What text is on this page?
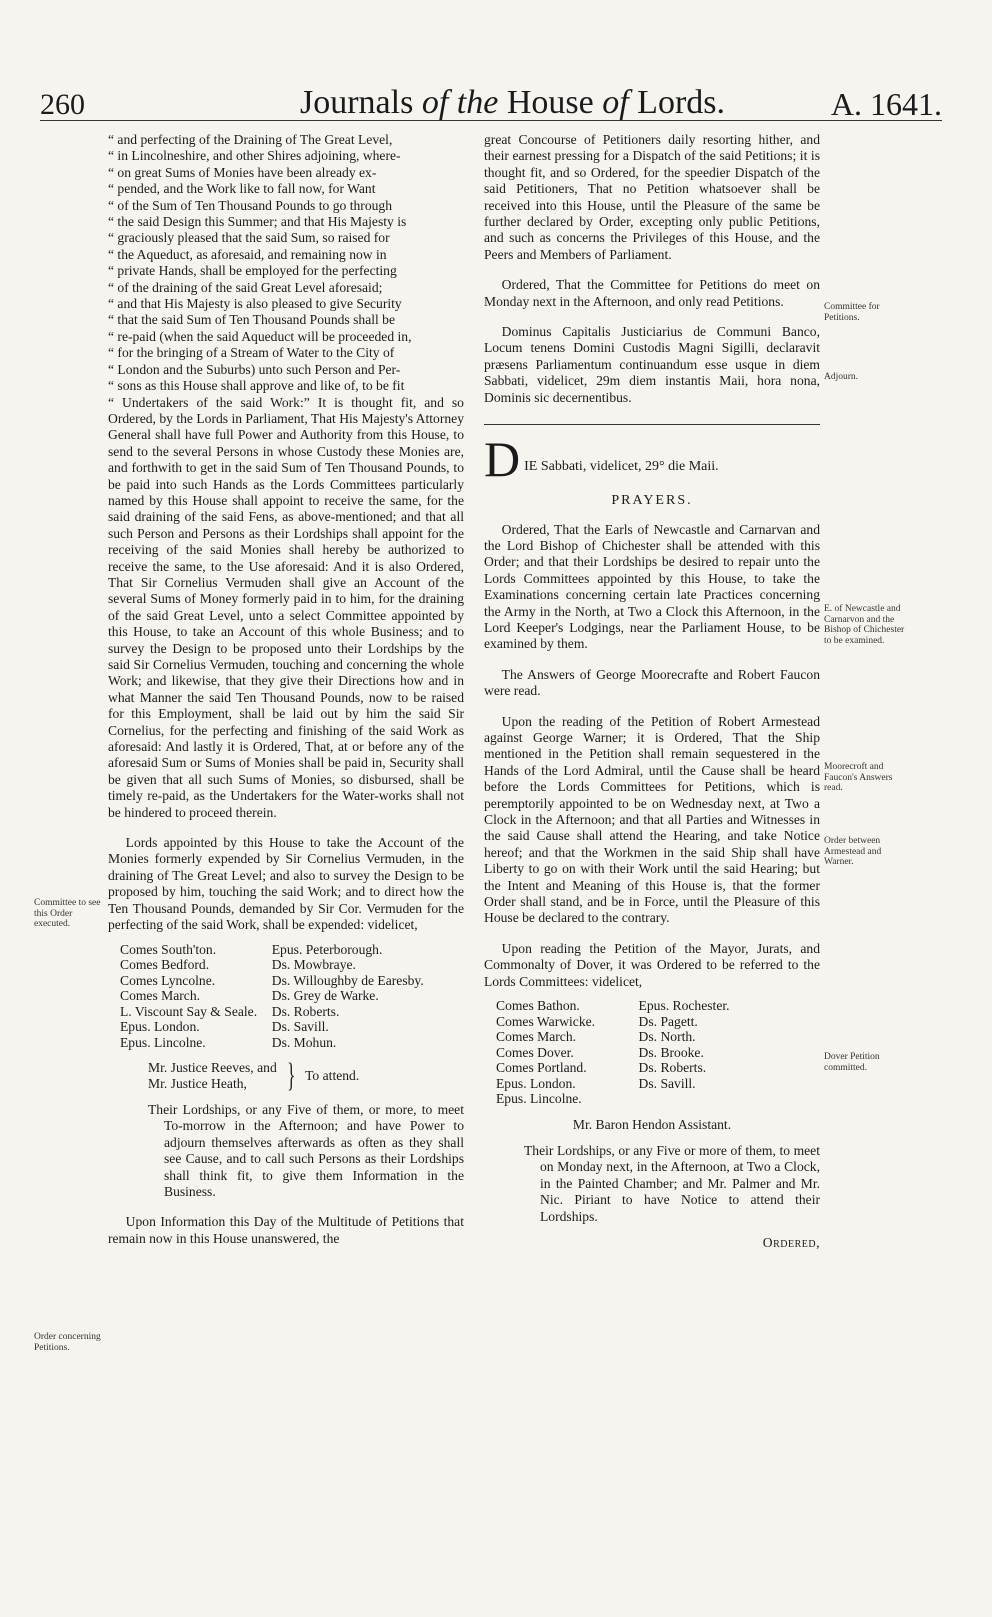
260	Journals of the House of Lords.	A. 1641.
Committee to see this Order executed.
Order concerning Petitions.
Committee for Petitions.
Adjourn.
E. of Newcastle and Carnarvon and the Bishop of Chichester to be examined.
Moorecroft and Faucon's Answers read.
Order between Armestead and Warner.
Dover Petition committed.

“ and perfecting of the Draining of The Great Level,
“ in Lincolneshire, and other Shires adjoining, where-
“ on great Sums of Monies have been already ex-
“ pended, and the Work like to fall now, for Want
“ of the Sum of Ten Thousand Pounds to go through
“ the said Design this Summer; and that His Majesty is
“ graciously pleased that the said Sum, so raised for
“ the Aqueduct, as aforesaid, and remaining now in
“ private Hands, shall be employed for the perfecting
“ of the draining of the said Great Level aforesaid;
“ and that His Majesty is also pleased to give Security
“ that the said Sum of Ten Thousand Pounds shall be
“ re-paid (when the said Aqueduct will be proceeded in,
“ for the bringing of a Stream of Water to the City of
“ London and the Suburbs) unto such Person and Per-
“ sons as this House shall approve and like of, to be fit
“ Undertakers of the said Work:” It is thought fit, and so Ordered, by the Lords in Parliament, That His Majesty's Attorney General shall have full Power and Authority from this House, to send to the several Persons in whose Custody these Monies are, and forthwith to get in the said Sum of Ten Thousand Pounds, to be paid into such Hands as the Lords Committees particularly named by this House shall appoint to receive the same, for the said draining of the said Fens, as above-mentioned; and that all such Person and Persons as their Lordships shall appoint for the receiving of the said Monies shall hereby be authorized to receive the same, to the Use aforesaid: And it is also Ordered, That Sir Cornelius Vermuden shall give an Account of the several Sums of Money formerly paid in to him, for the draining of the said Great Level, unto a select Committee appointed by this House, to take an Account of this whole Business; and to survey the Design to be proposed unto their Lordships by the said Sir Cornelius Vermuden, touching and concerning the whole Work; and likewise, that they give their Directions how and in what Manner the said Ten Thousand Pounds, now to be raised for this Employment, shall be laid out by him the said Sir Cornelius, for the perfecting and finishing of the said Work as aforesaid: And lastly it is Ordered, That, at or before any of the aforesaid Sum or Sums of Monies shall be paid in, Security shall be given that all such Sums of Monies, so disbursed, shall be timely re-paid, as the Undertakers for the Water-works shall not be hindered to proceed therein.

Lords appointed by this House to take the Account of the Monies formerly expended by Sir Cornelius Vermuden, in the draining of The Great Level; and also to survey the Design to be proposed by him, touching the said Work; and to direct how the Ten Thousand Pounds, demanded by Sir Cor. Vermuden for the perfecting of the said Work, shall be expended: videlicet,

Comes South'ton.	Epus. Peterborough.
Comes Bedford.	Ds. Mowbraye.
Comes Lyncolne.	Ds. Willoughby de Earesby.
Comes March.	Ds. Grey de Warke.
L. Viscount Say & Seale.	Ds. Roberts.
Epus. London.	Ds. Savill.
Epus. Lincolne.	Ds. Mohun.
Mr. Justice Reeves, and
Mr. Justice Heath,	} To attend.

Their Lordships, or any Five of them, or more, to meet To-morrow in the Afternoon; and have Power to adjourn themselves afterwards as often as they shall see Cause, and to call such Persons as their Lordships shall think fit, to give them Information in the Business.

Upon Information this Day of the Multitude of Petitions that remain now in this House unanswered, the

great Concourse of Petitioners daily resorting hither, and their earnest pressing for a Dispatch of the said Petitions; it is thought fit, and so Ordered, for the speedier Dispatch of the said Petitioners, That no Petition whatsoever shall be received into this House, until the Pleasure of the same be further declared by Order, excepting only public Petitions, and such as concerns the Privileges of this House, and the Peers and Members of Parliament.

Ordered, That the Committee for Petitions do meet on Monday next in the Afternoon, and only read Petitions.

Dominus Capitalis Justiciarius de Communi Banco, Locum tenens Domini Custodis Magni Sigilli, declaravit præsens Parliamentum continuandum esse usque in diem Sabbati, videlicet, 29m diem instantis Maii, hora nona, Dominis sic decernentibus.

D IE Sabbati, videlicet, 29° die Maii.
PRAYERS.

Ordered, That the Earls of Newcastle and Carnarvan and the Lord Bishop of Chichester shall be attended with this Order; and that their Lordships be desired to repair unto the Lords Committees appointed by this House, to take the Examinations concerning certain late Practices concerning the Army in the North, at Two a Clock this Afternoon, in the Lord Keeper's Lodgings, near the Parliament House, to be examined by them.

The Answers of George Moorecrafte and Robert Faucon were read.

Upon the reading of the Petition of Robert Armestead against George Warner; it is Ordered, That the Ship mentioned in the Petition shall remain sequestered in the Hands of the Lord Admiral, until the Cause shall be heard before the Lords Committees for Petitions, which is peremptorily appointed to be on Wednesday next, at Two a Clock in the Afternoon; and that all Parties and Witnesses in the said Cause shall attend the Hearing, and take Notice hereof; and that the Workmen in the said Ship shall have Liberty to go on with their Work until the said Hearing; but the Intent and Meaning of this House is, that the former Order shall stand, and be in Force, until the Pleasure of this House be declared to the contrary.

Upon reading the Petition of the Mayor, Jurats, and Commonalty of Dover, it was Ordered to be referred to the Lords Committees: videlicet,

Comes Bathon.	Epus. Rochester.
Comes Warwicke.	Ds. Pagett.
Comes March.	Ds. North.
Comes Dover.	Ds. Brooke.
Comes Portland.	Ds. Roberts.
Epus. London.	Ds. Savill.
Epus. Lincolne.	
Mr. Baron Hendon Assistant.

Their Lordships, or any Five or more of them, to meet on Monday next, in the Afternoon, at Two a Clock, in the Painted Chamber; and Mr. Palmer and Mr. Nic. Piriant to have Notice to attend their Lordships.

Ordered,
